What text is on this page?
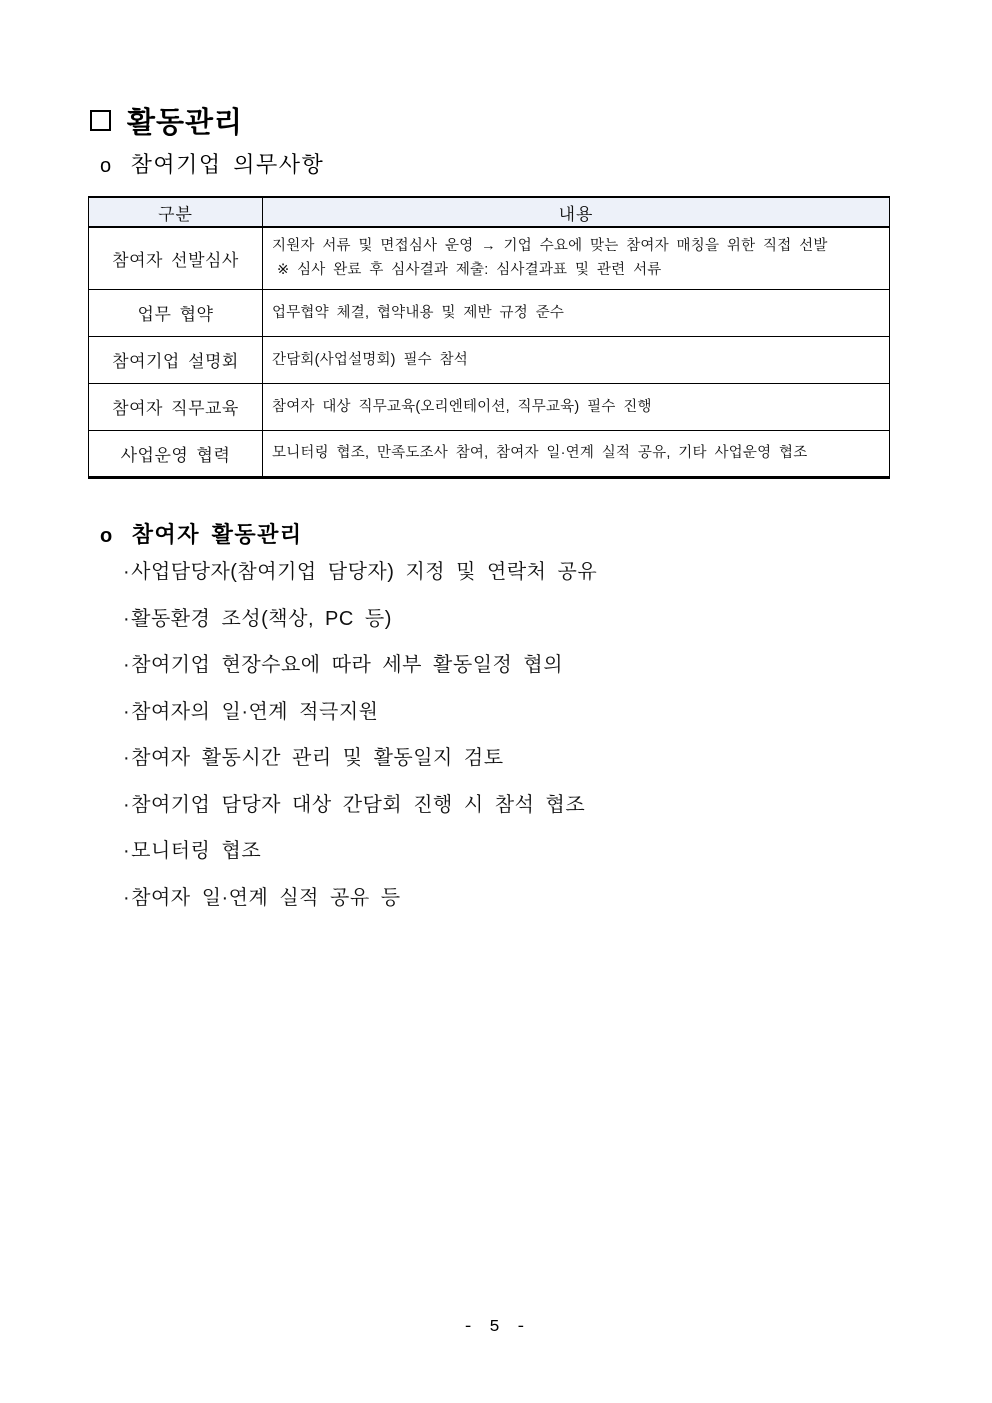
활동관리
o 참여기업 의무사항
구분	내용
참여자 선발심사	지원자 서류 및 면접심사 운영 → 기업 수요에 맞는 참여자 매칭을 위한 직접 선발
※ 심사 완료 후 심사결과 제출: 심사결과표 및 관련 서류

업무 협약	업무협약 체결, 협약내용 및 제반 규정 준수
참여기업 설명회	간담회(사업설명회) 필수 참석
참여자 직무교육	참여자 대상 직무교육(오리엔테이션, 직무교육) 필수 진행
사업운영 협력	모니터링 협조, 만족도조사 참여, 참여자 일·연계 실적 공유, 기타 사업운영 협조
o 참여자 활동관리
·사업담당자(참여기업 담당자) 지정 및 연락처 공유
·활동환경 조성(책상, PC 등)
·참여기업 현장수요에 따라 세부 활동일정 협의
·참여자의 일·연계 적극지원
·참여자 활동시간 관리 및 활동일지 검토
·참여기업 담당자 대상 간담회 진행 시 참석 협조
·모니터링 협조
·참여자 일·연계 실적 공유 등
- 5 -
